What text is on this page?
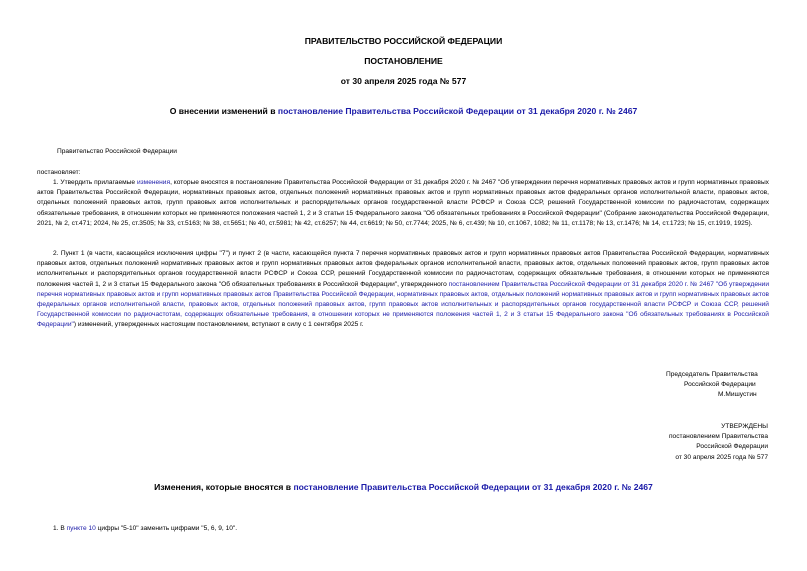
ПРАВИТЕЛЬСТВО РОССИЙСКОЙ ФЕДЕРАЦИИ
ПОСТАНОВЛЕНИЕ
от 30 апреля 2025 года № 577
О внесении изменений в постановление Правительства Российской Федерации от 31 декабря 2020 г. № 2467
Правительство Российской Федерации
постановляет:
1. Утвердить прилагаемые изменения, которые вносятся в постановление Правительства Российской Федерации от 31 декабря 2020 г. № 2467 "Об утверждении перечня нормативных правовых актов и групп нормативных правовых актов Правительства Российской Федерации, нормативных правовых актов, отдельных положений нормативных правовых актов и групп нормативных правовых актов федеральных органов исполнительной власти, правовых актов, отдельных положений правовых актов, групп правовых актов исполнительных и распорядительных органов государственной власти РСФСР и Союза ССР, решений Государственной комиссии по радиочастотам, содержащих обязательные требования, в отношении которых не применяются положения частей 1, 2 и 3 статьи 15 Федерального закона "Об обязательных требованиях в Российской Федерации" (Собрание законодательства Российской Федерации, 2021, № 2, ст.471; 2024, № 25, ст.3505; № 33, ст.5163; № 38, ст.5651; № 40, ст.5981; № 42, ст.6257; № 44, ст.6619; № 50, ст.7744; 2025, № 6, ст.439; № 10, ст.1067, 1082; № 11, ст.1178; № 13, ст.1476; № 14, ст.1723; № 15, ст.1919, 1925).
2. Пункт 1 (в части, касающейся исключения цифры "7") и пункт 2 (в части, касающейся пункта 7 перечня нормативных правовых актов и групп нормативных правовых актов Правительства Российской Федерации, нормативных правовых актов, отдельных положений нормативных правовых актов и групп нормативных правовых актов федеральных органов исполнительной власти, правовых актов, отдельных положений правовых актов, групп правовых актов исполнительных и распорядительных органов государственной власти РСФСР и Союза ССР, решений Государственной комиссии по радиочастотам, содержащих обязательные требования, в отношении которых не применяются положения частей 1, 2 и 3 статьи 15 Федерального закона "Об обязательных требованиях в Российской Федерации", утвержденного постановлением Правительства Российской Федерации от 31 декабря 2020 г. № 2467 "Об утверждении перечня нормативных правовых актов и групп нормативных правовых актов Правительства Российской Федерации, нормативных правовых актов, отдельных положений нормативных правовых актов и групп нормативных правовых актов федеральных органов исполнительной власти, правовых актов, отдельных положений правовых актов, групп правовых актов исполнительных и распорядительных органов государственной власти РСФСР и Союза ССР, решений Государственной комиссии по радиочастотам, содержащих обязательные требования, в отношении которых не применяются положения частей 1, 2 и 3 статьи 15 Федерального закона "Об обязательных требованиях в Российской Федерации") изменений, утвержденных настоящим постановлением, вступают в силу с 1 сентября 2025 г.
Председатель Правительства
Российской Федерации
М.Мишустин
УТВЕРЖДЕНЫ
постановлением Правительства
Российской Федерации
от 30 апреля 2025 года № 577
Изменения, которые вносятся в постановление Правительства Российской Федерации от 31 декабря 2020 г. № 2467
1. В пункте 10 цифры "5-10" заменить цифрами "5, 6, 9, 10".
